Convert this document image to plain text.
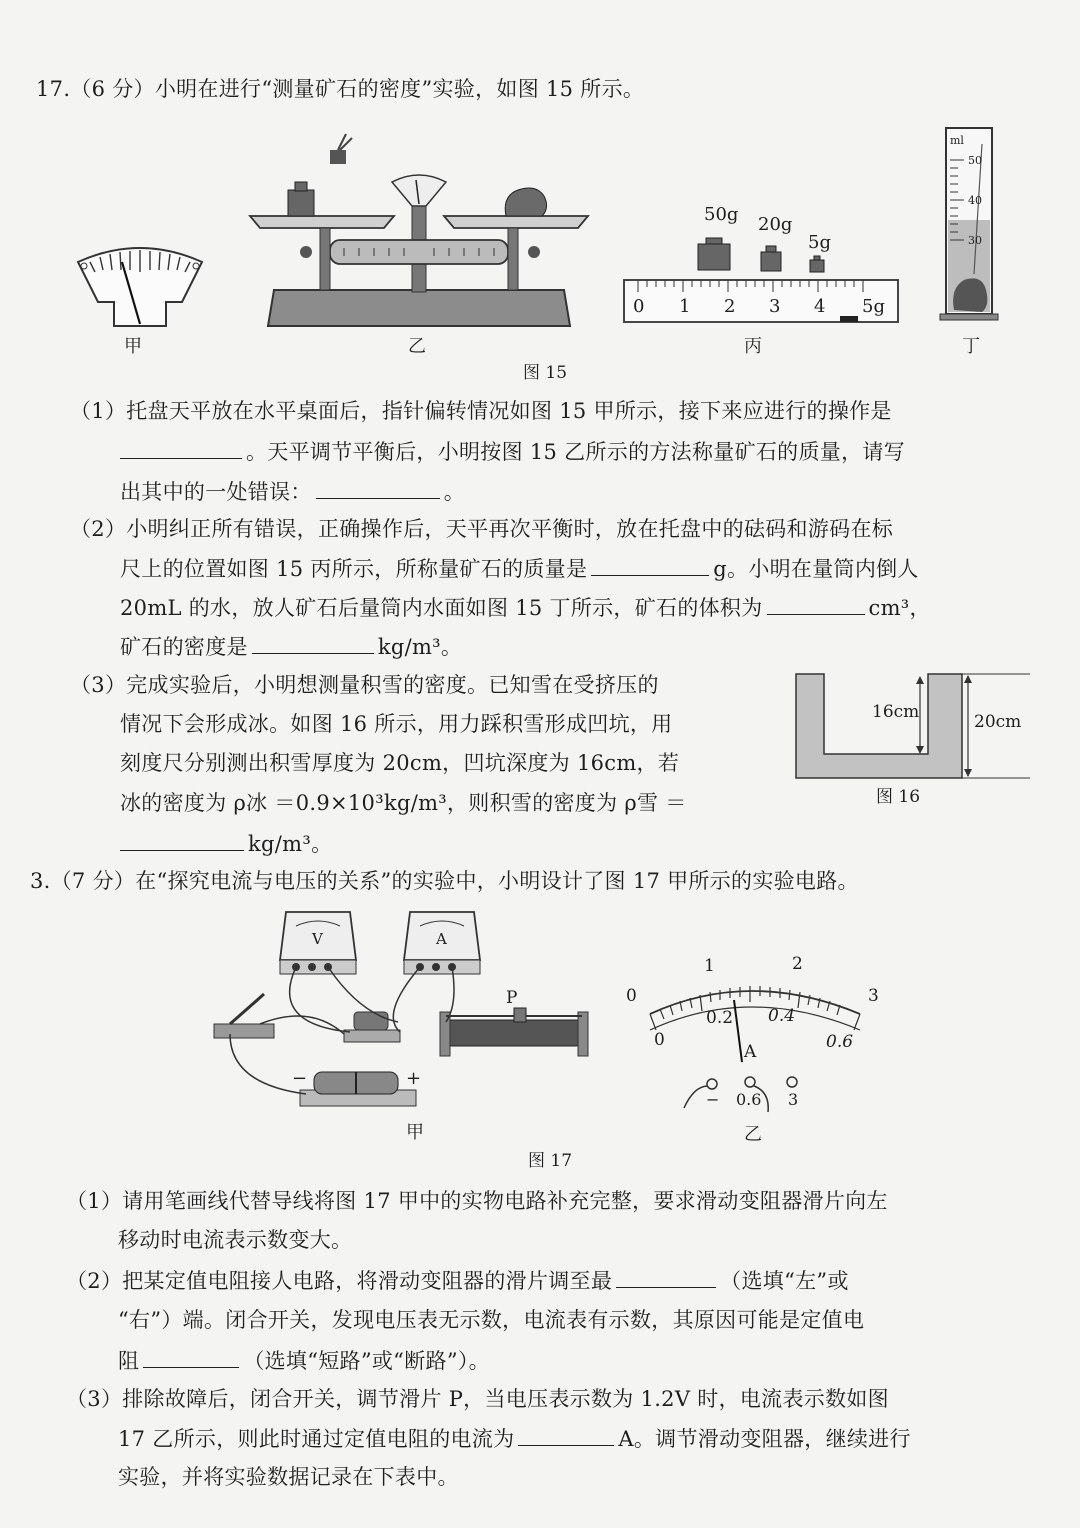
17.（6 分）小明在进行“测量矿石的密度”实验，如图 15 所示。
甲	乙
50g 20g
5g
0 1 2 3 4 5g
丙
ml
50
40
30
丁
图 15
（1）托盘天平放在水平桌面后，指针偏转情况如图 15 甲所示，接下来应进行的操作是
。天平调节平衡后，小明按图 15 乙所示的方法称量矿石的质量，请写
出其中的一处错误：	。
（2）小明纠正所有错误，正确操作后，天平再次平衡时，放在托盘中的砝码和游码在标
尺上的位置如图 15 丙所示，所称量矿石的质量是	g。小明在量筒内倒人
20mL 的水，放人矿石后量筒内水面如图 15 丁所示，矿石的体积为	cm³，
矿石的密度是	kg/m³。
（3）完成实验后，小明想测量积雪的密度。已知雪在受挤压的
情况下会形成冰。如图 16 所示，用力踩积雪形成凹坑，用
刻度尺分别测出积雪厚度为 20cm，凹坑深度为 16cm，若
冰的密度为 ρ冰 ＝0.9×10³kg/m³，则积雪的密度为 ρ雪 ＝
kg/m³。
16cm	20cm
图 16
3.（7 分）在“探究电流与电压的关系”的实验中，小明设计了图 17 甲所示的实验电路。
V	A
P
−	+
甲
0
1	2
3
0
0.2 0.4
0.6
A
− 0.6 3
乙
图 17
（1）请用笔画线代替导线将图 17 甲中的实物电路补充完整，要求滑动变阻器滑片向左
移动时电流表示数变大。
（2）把某定值电阻接人电路，将滑动变阻器的滑片调至最	（选填“左”或
“右”）端。闭合开关，发现电压表无示数，电流表有示数，其原因可能是定值电
阻	（选填“短路”或“断路”）。
（3）排除故障后，闭合开关，调节滑片 P，当电压表示数为 1.2V 时，电流表示数如图
17 乙所示，则此时通过定值电阻的电流为	A。调节滑动变阻器，继续进行
实验，并将实验数据记录在下表中。
